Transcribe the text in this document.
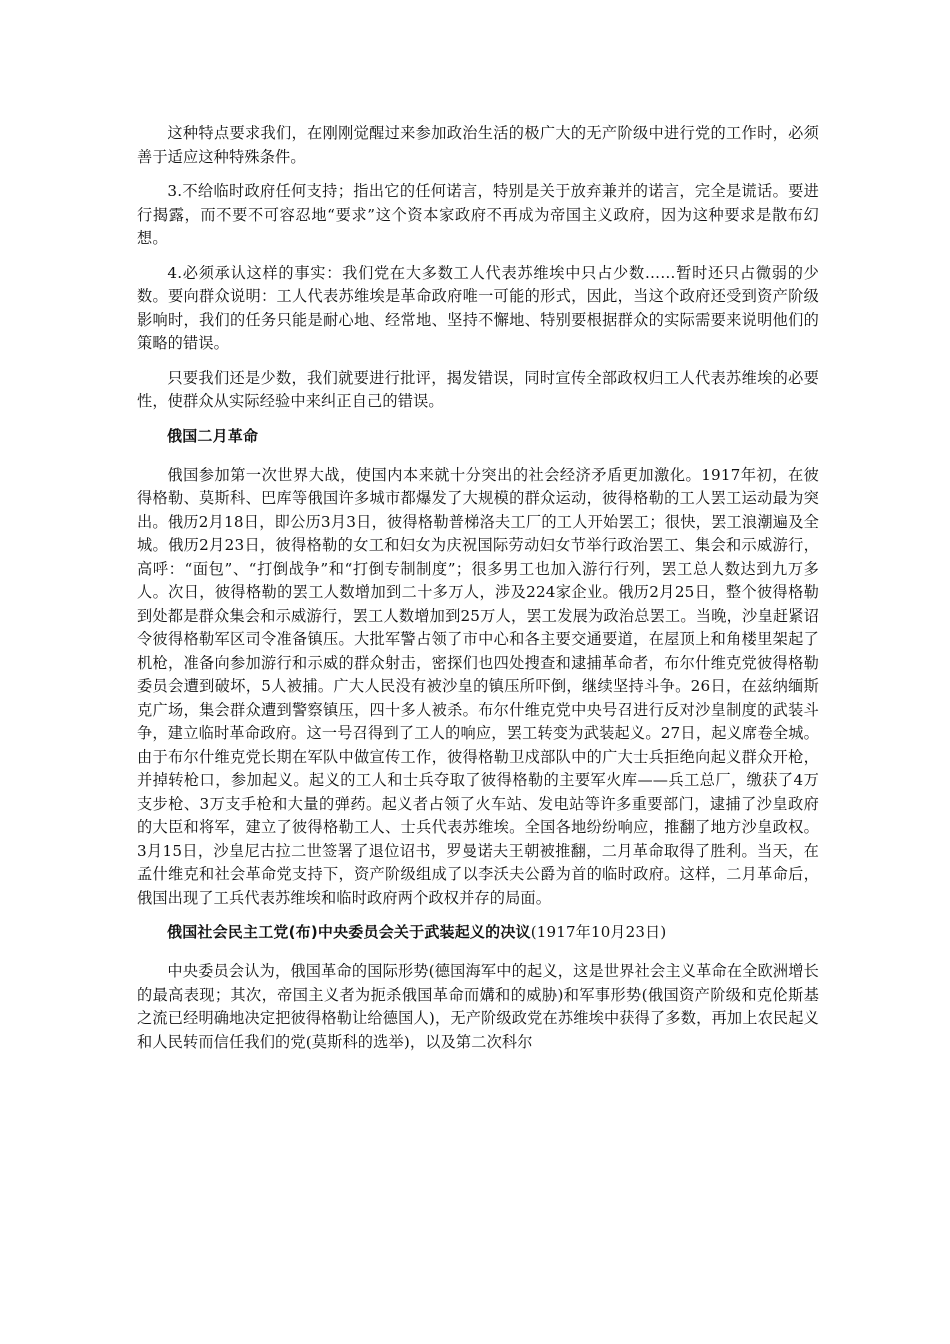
这种特点要求我们，在刚刚觉醒过来参加政治生活的极广大的无产阶级中进行党的工作时，必须善于适应这种特殊条件。

3.不给临时政府任何支持；指出它的任何诺言，特别是关于放弃兼并的诺言，完全是谎话。要进行揭露，而不要不可容忍地“要求”这个资本家政府不再成为帝国主义政府，因为这种要求是散布幻想。

4.必须承认这样的事实：我们党在大多数工人代表苏维埃中只占少数……暂时还只占微弱的少数。要向群众说明：工人代表苏维埃是革命政府唯一可能的形式，因此，当这个政府还受到资产阶级影响时，我们的任务只能是耐心地、经常地、坚持不懈地、特别要根据群众的实际需要来说明他们的策略的错误。

只要我们还是少数，我们就要进行批评，揭发错误，同时宣传全部政权归工人代表苏维埃的必要性，使群众从实际经验中来纠正自己的错误。

俄国二月革命

俄国参加第一次世界大战，使国内本来就十分突出的社会经济矛盾更加激化。1917年初，在彼得格勒、莫斯科、巴库等俄国许多城市都爆发了大规模的群众运动，彼得格勒的工人罢工运动最为突出。俄历2月18日，即公历3月3日，彼得格勒普梯洛夫工厂的工人开始罢工；很快，罢工浪潮遍及全城。俄历2月23日，彼得格勒的女工和妇女为庆祝国际劳动妇女节举行政治罢工、集会和示威游行，高呼：“面包”、“打倒战争”和“打倒专制制度”；很多男工也加入游行行列，罢工总人数达到九万多人。次日，彼得格勒的罢工人数增加到二十多万人，涉及224家企业。俄历2月25日，整个彼得格勒到处都是群众集会和示威游行，罢工人数增加到25万人，罢工发展为政治总罢工。当晚，沙皇赶紧诏令彼得格勒军区司令准备镇压。大批军警占领了市中心和各主要交通要道，在屋顶上和角楼里架起了机枪，准备向参加游行和示威的群众射击，密探们也四处搜查和逮捕革命者，布尔什维克党彼得格勒委员会遭到破坏，5人被捕。广大人民没有被沙皇的镇压所吓倒，继续坚持斗争。26日，在兹纳缅斯克广场，集会群众遭到警察镇压，四十多人被杀。布尔什维克党中央号召进行反对沙皇制度的武装斗争，建立临时革命政府。这一号召得到了工人的响应，罢工转变为武装起义。27日，起义席卷全城。由于布尔什维克党长期在军队中做宣传工作，彼得格勒卫戍部队中的广大士兵拒绝向起义群众开枪，并掉转枪口，参加起义。起义的工人和士兵夺取了彼得格勒的主要军火库——兵工总厂，缴获了4万支步枪、3万支手枪和大量的弹药。起义者占领了火车站、发电站等许多重要部门，逮捕了沙皇政府的大臣和将军，建立了彼得格勒工人、士兵代表苏维埃。全国各地纷纷响应，推翻了地方沙皇政权。3月15日，沙皇尼古拉二世签署了退位诏书，罗曼诺夫王朝被推翻，二月革命取得了胜利。当天，在孟什维克和社会革命党支持下，资产阶级组成了以李沃夫公爵为首的临时政府。这样，二月革命后，俄国出现了工兵代表苏维埃和临时政府两个政权并存的局面。

俄国社会民主工党(布)中央委员会关于武装起义的决议(1917年10月23日)

中央委员会认为，俄国革命的国际形势(德国海军中的起义，这是世界社会主义革命在全欧洲增长的最高表现；其次，帝国主义者为扼杀俄国革命而媾和的威胁)和军事形势(俄国资产阶级和克伦斯基之流已经明确地决定把彼得格勒让给德国人)，无产阶级政党在苏维埃中获得了多数，再加上农民起义和人民转而信任我们的党(莫斯科的选举)，以及第二次科尔
